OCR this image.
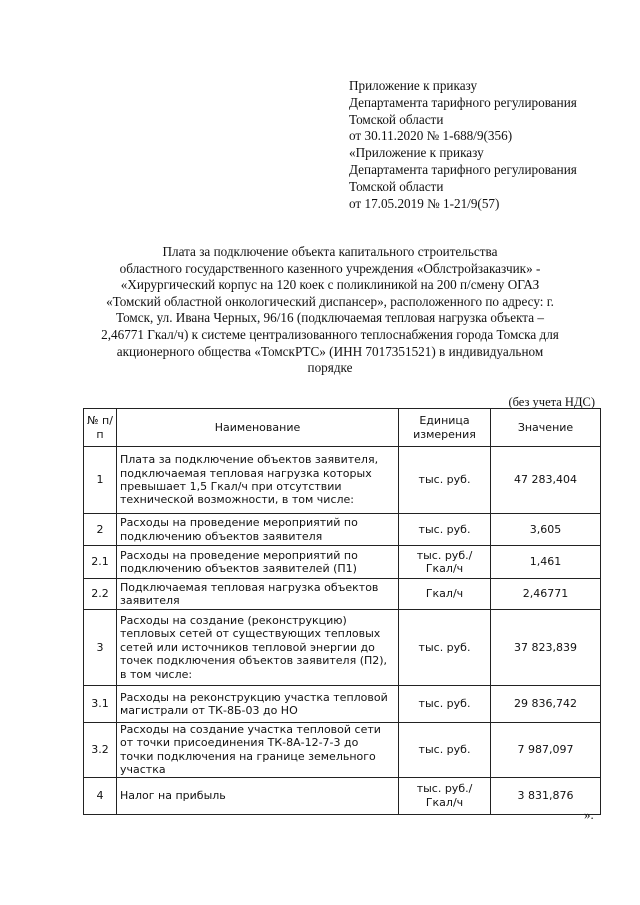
Приложение к приказу
Департамента тарифного регулирования
Томской области
от 30.11.2020 № 1-688/9(356)
«Приложение к приказу
Департамента тарифного регулирования
Томской области
от 17.05.2019 № 1-21/9(57)
Плата за подключение объекта капитального строительства
областного государственного казенного учреждения «Облстройзаказчик» -
«Хирургический корпус на 120 коек с поликлиникой на 200 п/смену ОГАЗ
«Томский областной онкологический диспансер», расположенного по адресу: г.
Томск, ул. Ивана Черных, 96/16 (подключаемая тепловая нагрузка объекта –
2,46771 Гкал/ч) к системе централизованного теплоснабжения города Томска для
акционерного общества «ТомскРТС» (ИНН 7017351521) в индивидуальном
порядке
(без учета НДС)
№ п/п	Наименование	Единица измерения	Значение
1	Плата за подключение объектов заявителя, подключаемая тепловая нагрузка которых превышает 1,5 Гкал/ч при отсутствии технической возможности, в том числе:	тыс. руб.	47 283,404
2	Расходы на проведение мероприятий по подключению объектов заявителя	тыс. руб.	3,605
2.1	Расходы на проведение мероприятий по подключению объектов заявителей (П1)	тыс. руб./ Гкал/ч	1,461
2.2	Подключаемая тепловая нагрузка объектов заявителя	Гкал/ч	2,46771
3	Расходы на создание (реконструкцию) тепловых сетей от существующих тепловых сетей или источников тепловой энергии до точек подключения объектов заявителя (П2), в том числе:	тыс. руб.	37 823,839
3.1	Расходы на реконструкцию участка тепловой магистрали от ТК-8Б-03 до НО	тыс. руб.	29 836,742
3.2	Расходы на создание участка тепловой сети от точки присоединения ТК-8А-12-7-3 до точки подключения на границе земельного участка	тыс. руб.	7 987,097
4	Налог на прибыль	тыс. руб./ Гкал/ч	3 831,876
».
